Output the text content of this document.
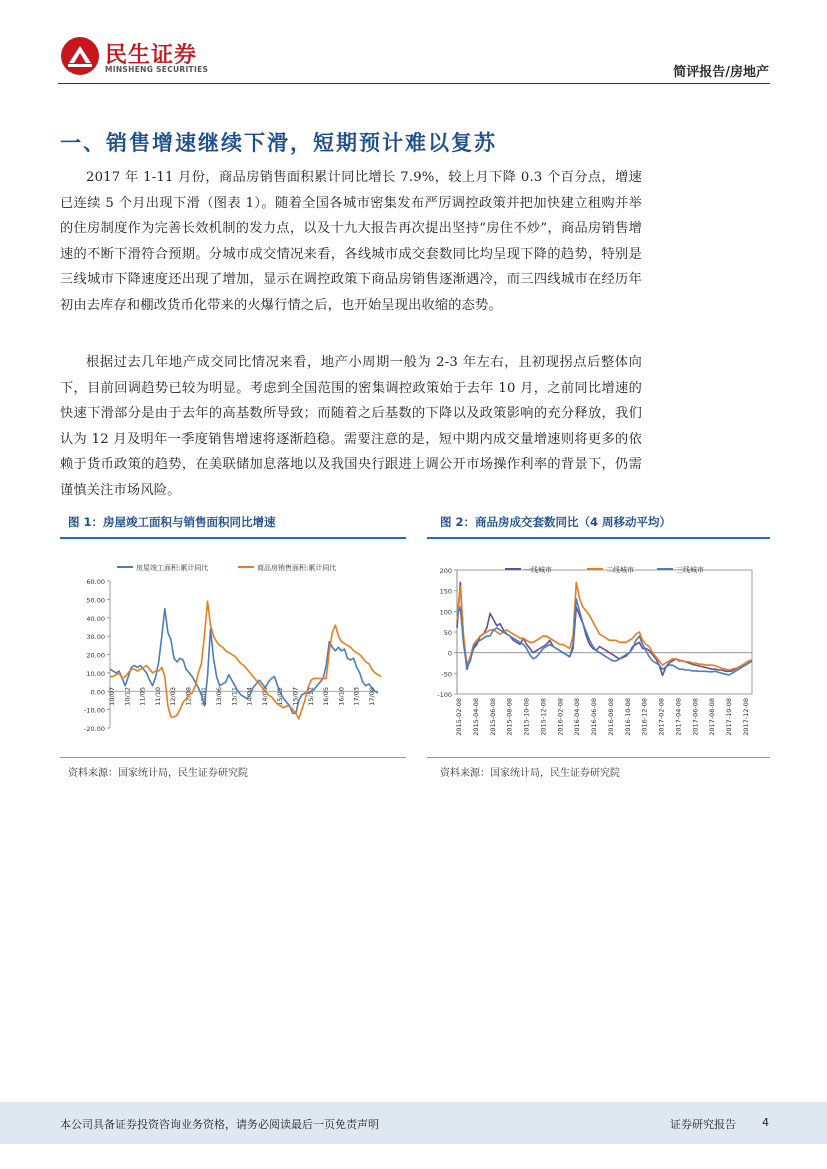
民生证券
MINSHENG SECURITIES	简评报告/房地产
一、销售增速继续下滑，短期预计难以复苏
2017 年 1-11 月份，商品房销售面积累计同比增长 7.9%，较上月下降 0.3 个百分点，增速已连续 5 个月出现下滑（图表 1）。随着全国各城市密集发布严厉调控政策并把加快建立租购并举的住房制度作为完善长效机制的发力点，以及十九大报告再次提出坚持“房住不炒”，商品房销售增速的不断下滑符合预期。分城市成交情况来看，各线城市成交套数同比均呈现下降的趋势，特别是三线城市下降速度还出现了增加，显示在调控政策下商品房销售逐渐遇冷，而三四线城市在经历年初由去库存和棚改货币化带来的火爆行情之后，也开始呈现出收缩的态势。
根据过去几年地产成交同比情况来看，地产小周期一般为 2-3 年左右，且初现拐点后整体向下，目前回调趋势已较为明显。考虑到全国范围的密集调控政策始于去年 10 月，之前同比增速的快速下滑部分是由于去年的高基数所导致；而随着之后基数的下降以及政策影响的充分释放，我们认为 12 月及明年一季度销售增速将逐渐趋稳。需要注意的是，短中期内成交量增速则将更多的依赖于货币政策的趋势，在美联储加息落地以及我国央行跟进上调公开市场操作利率的背景下，仍需谨慎关注市场风险。
图 1：房屋竣工面积与销售面积同比增速	图 2：商品房成交套数同比（4 周移动平均）
60.00
50.00
40.00
30.00
20.00
10.00
0.00
-10.00
-20.00
10/07 10/12 11/05 11/10 12/03 12/08 13/01 13/06 13/11 14/04 14/09 15/02 15/07 15/12 16/05 16/10 17/03 17/08
房屋竣工面积:累计同比	商品房销售面积:累计同比	200
150
100
50
0
-50
-100
2015-02-08 2015-04-08 2015-06-08 2015-08-08 2015-10-08 2015-12-08 2016-02-08 2016-04-08 2016-06-08 2016-08-08 2016-10-08 2016-12-08 2017-02-08 2017-04-08 2017-06-08 2017-08-08 2017-10-08 2017-12-08
一线城市	二线城市	三线城市
资料来源：国家统计局，民生证券研究院	资料来源：国家统计局，民生证券研究院
本公司具备证券投资咨询业务资格，请务必阅读最后一页免责声明	证券研究报告 4
